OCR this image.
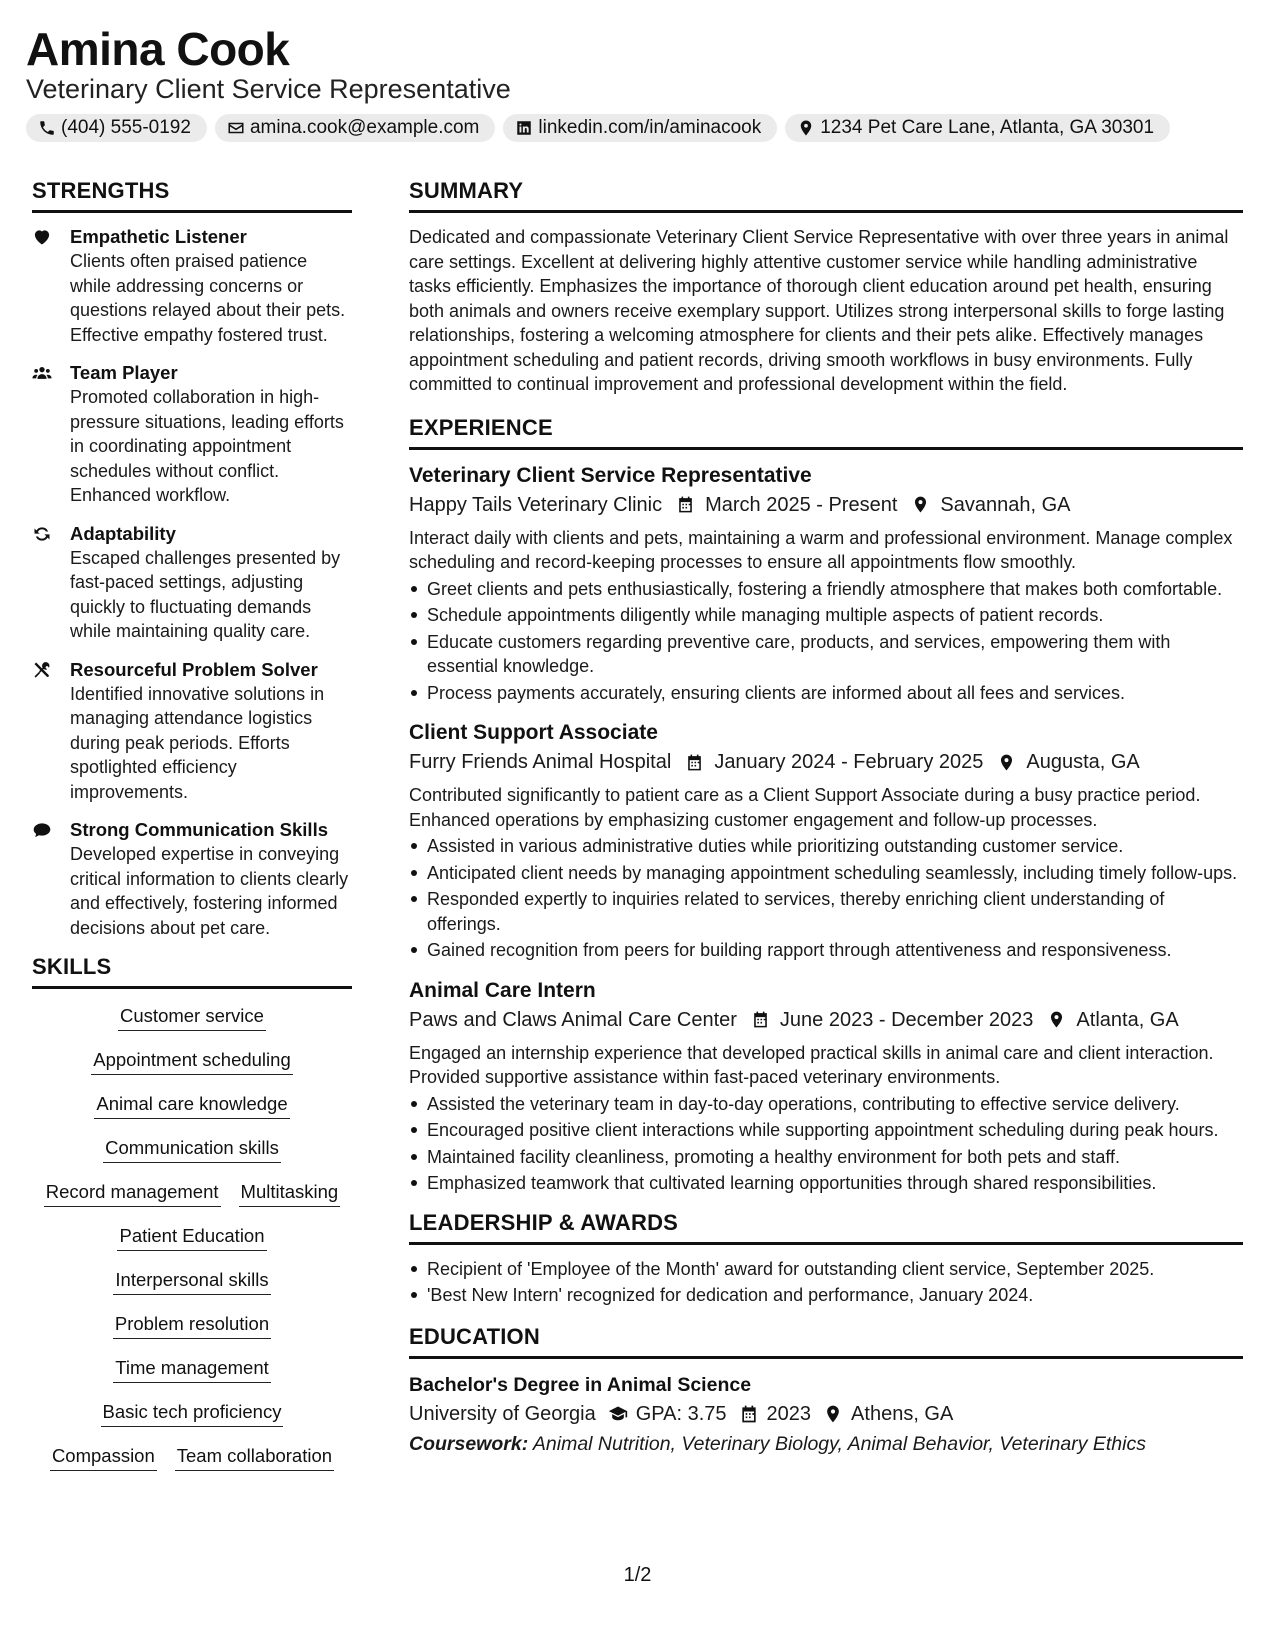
Amina Cook
Veterinary Client Service Representative
(404) 555-0192	amina.cook@example.com	linkedin.com/in/aminacook	1234 Pet Care Lane, Atlanta, GA 30301
STRENGTHS
Empathetic Listener
Clients often praised patience while addressing concerns or questions relayed about their pets. Effective empathy fostered trust.
Team Player
Promoted collaboration in high-pressure situations, leading efforts in coordinating appointment schedules without conflict. Enhanced workflow.
Adaptability
Escaped challenges presented by fast-paced settings, adjusting quickly to fluctuating demands while maintaining quality care.
Resourceful Problem Solver
Identified innovative solutions in managing attendance logistics during peak periods. Efforts spotlighted efficiency improvements.
Strong Communication Skills
Developed expertise in conveying critical information to clients clearly and effectively, fostering informed decisions about pet care.
SKILLS
Customer service
Appointment scheduling
Animal care knowledge
Communication skills
Record management Multitasking
Patient Education
Interpersonal skills
Problem resolution
Time management
Basic tech proficiency
Compassion Team collaboration
SUMMARY
Dedicated and compassionate Veterinary Client Service Representative with over three years in animal care settings. Excellent at delivering highly attentive customer service while handling administrative tasks efficiently. Emphasizes the importance of thorough client education around pet health, ensuring both animals and owners receive exemplary support. Utilizes strong interpersonal skills to forge lasting relationships, fostering a welcoming atmosphere for clients and their pets alike. Effectively manages appointment scheduling and patient records, driving smooth workflows in busy environments. Fully committed to continual improvement and professional development within the field.
EXPERIENCE
Veterinary Client Service Representative
Happy Tails Veterinary Clinic March 2025 - Present Savannah, GA
Interact daily with clients and pets, maintaining a warm and professional environment. Manage complex scheduling and record-keeping processes to ensure all appointments flow smoothly.
Greet clients and pets enthusiastically, fostering a friendly atmosphere that makes both comfortable.
Schedule appointments diligently while managing multiple aspects of patient records.
Educate customers regarding preventive care, products, and services, empowering them with essential knowledge.
Process payments accurately, ensuring clients are informed about all fees and services.
Client Support Associate
Furry Friends Animal Hospital January 2024 - February 2025 Augusta, GA
Contributed significantly to patient care as a Client Support Associate during a busy practice period. Enhanced operations by emphasizing customer engagement and follow-up processes.
Assisted in various administrative duties while prioritizing outstanding customer service.
Anticipated client needs by managing appointment scheduling seamlessly, including timely follow-ups.
Responded expertly to inquiries related to services, thereby enriching client understanding of offerings.
Gained recognition from peers for building rapport through attentiveness and responsiveness.
Animal Care Intern
Paws and Claws Animal Care Center June 2023 - December 2023 Atlanta, GA
Engaged an internship experience that developed practical skills in animal care and client interaction. Provided supportive assistance within fast-paced veterinary environments.
Assisted the veterinary team in day-to-day operations, contributing to effective service delivery.
Encouraged positive client interactions while supporting appointment scheduling during peak hours.
Maintained facility cleanliness, promoting a healthy environment for both pets and staff.
Emphasized teamwork that cultivated learning opportunities through shared responsibilities.
LEADERSHIP & AWARDS
Recipient of 'Employee of the Month' award for outstanding client service, September 2025.
'Best New Intern' recognized for dedication and performance, January 2024.
EDUCATION
Bachelor's Degree in Animal Science
University of Georgia GPA: 3.75 2023 Athens, GA
Coursework: Animal Nutrition, Veterinary Biology, Animal Behavior, Veterinary Ethics
1/2
